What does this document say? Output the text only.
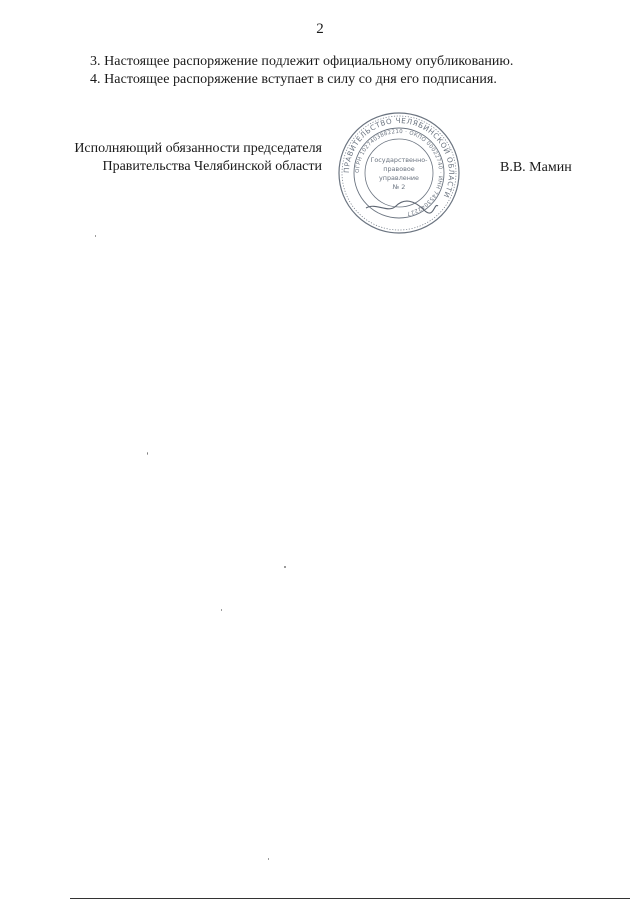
2
3. Настоящее распоряжение подлежит официальному опубликованию.
4. Настоящее распоряжение вступает в силу со дня его подписания.
Исполняющий обязанности председателя
Правительства Челябинской области	ПРАВИТЕЛЬСТВО ЧЕЛЯБИНСКОЙ ОБЛАСТИ
ОГРН 1027403882210 · ОКПО 00022740 · ИНН 7453042227
Государственно-
правовое
управление
№ 2
В.В. Мамин
